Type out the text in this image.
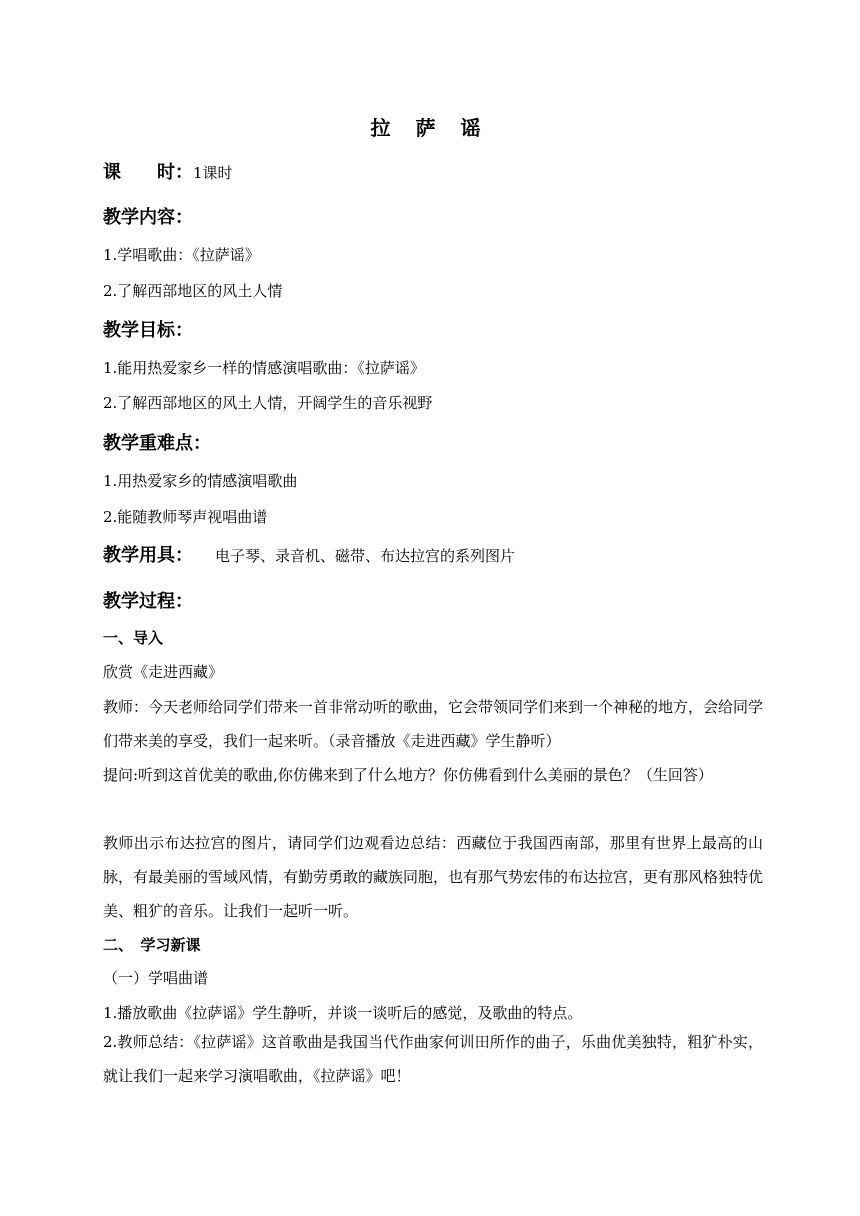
拉 萨 谣
课　　时：1课时
教学内容：
1.学唱歌曲：《拉萨谣》
2.了解西部地区的风土人情
教学目标：
1.能用热爱家乡一样的情感演唱歌曲：《拉萨谣》
2.了解西部地区的风土人情，开阔学生的音乐视野
教学重难点：
1.用热爱家乡的情感演唱歌曲
2.能随教师琴声视唱曲谱
教学用具： 电子琴、录音机、磁带、布达拉宫的系列图片
教学过程：
一、导入
欣赏《走进西藏》
教师：今天老师给同学们带来一首非常动听的歌曲，它会带领同学们来到一个神秘的地方，会给同学们带来美的享受，我们一起来听。（录音播放《走进西藏》学生静听）
提问:听到这首优美的歌曲,你仿佛来到了什么地方？你仿佛看到什么美丽的景色？（生回答）
教师出示布达拉宫的图片，请同学们边观看边总结：西藏位于我国西南部，那里有世界上最高的山脉，有最美丽的雪域风情，有勤劳勇敢的藏族同胞，也有那气势宏伟的布达拉宫，更有那风格独特优美、粗犷的音乐。让我们一起听一听。
二、　学习新课
（一）学唱曲谱
1.播放歌曲《拉萨谣》学生静听，并谈一谈听后的感觉，及歌曲的特点。
2.教师总结：《拉萨谣》这首歌曲是我国当代作曲家何训田所作的曲子，乐曲优美独特，粗犷朴实，就让我们一起来学习演唱歌曲，《拉萨谣》吧！
